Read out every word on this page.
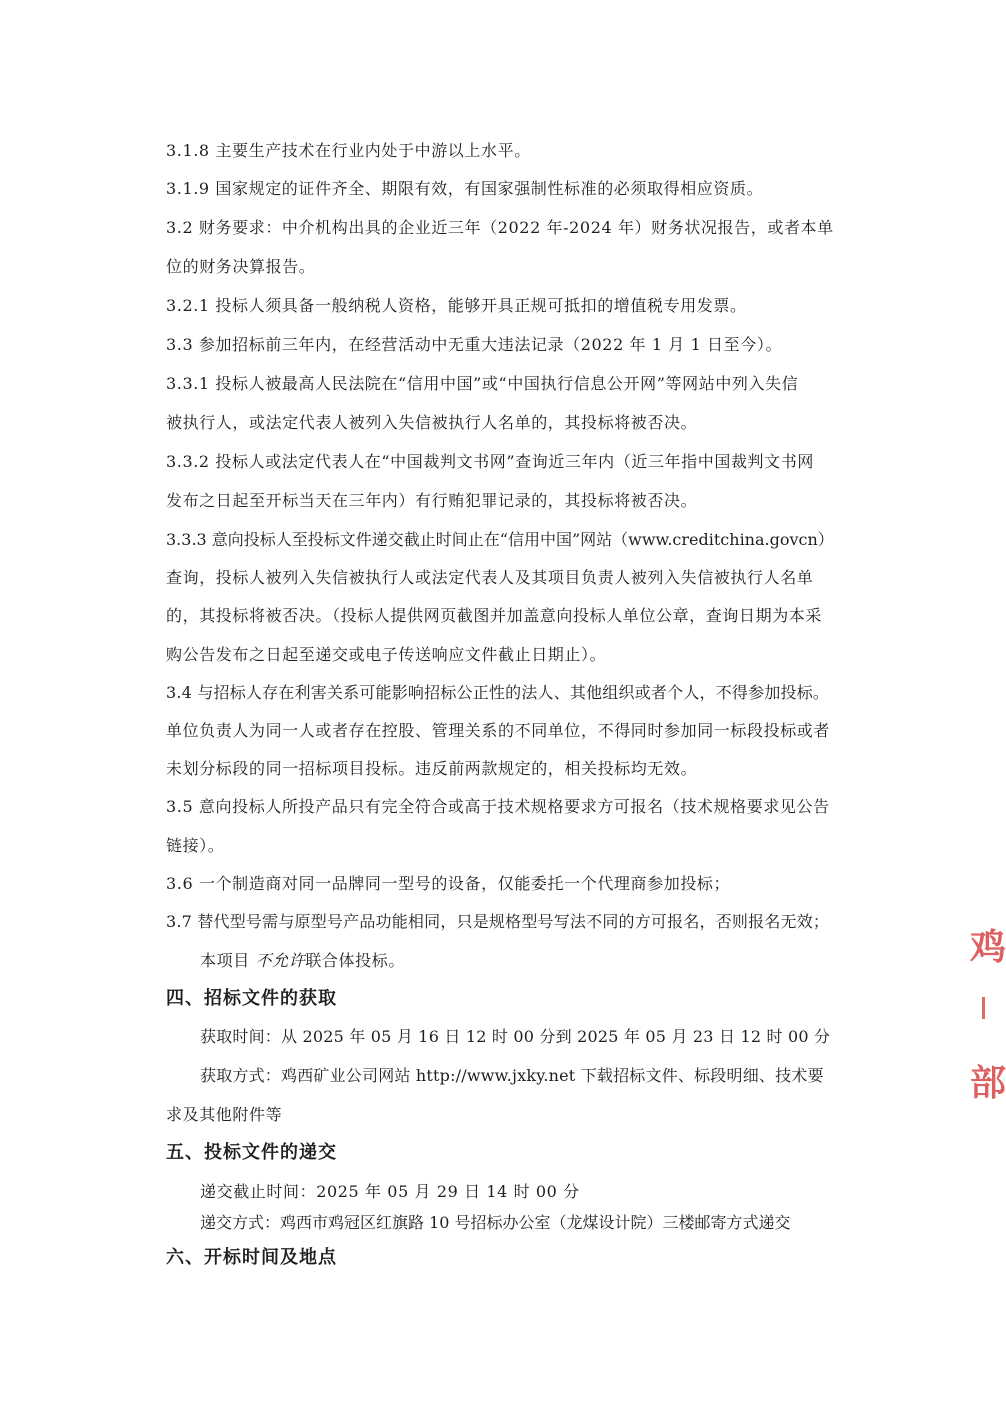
3.1.8 主要生产技术在行业内处于中游以上水平。
3.1.9 国家规定的证件齐全、期限有效，有国家强制性标准的必须取得相应资质。
3.2 财务要求：中介机构出具的企业近三年（2022 年-2024 年）财务状况报告，或者本单
位的财务决算报告。
3.2.1 投标人须具备一般纳税人资格，能够开具正规可抵扣的增值税专用发票。
3.3 参加招标前三年内，在经营活动中无重大违法记录（2022 年 1 月 1 日至今）。
3.3.1 投标人被最高人民法院在“信用中国”或“中国执行信息公开网”等网站中列入失信
被执行人，或法定代表人被列入失信被执行人名单的，其投标将被否决。
3.3.2 投标人或法定代表人在“中国裁判文书网”查询近三年内（近三年指中国裁判文书网
发布之日起至开标当天在三年内）有行贿犯罪记录的，其投标将被否决。
3.3.3 意向投标人至投标文件递交截止时间止在“信用中国”网站（www.creditchina.govcn）
查询，投标人被列入失信被执行人或法定代表人及其项目负责人被列入失信被执行人名单
的，其投标将被否决。（投标人提供网页截图并加盖意向投标人单位公章，查询日期为本采
购公告发布之日起至递交或电子传送响应文件截止日期止）。
3.4 与招标人存在利害关系可能影响招标公正性的法人、其他组织或者个人，不得参加投标。
单位负责人为同一人或者存在控股、管理关系的不同单位，不得同时参加同一标段投标或者
未划分标段的同一招标项目投标。违反前两款规定的，相关投标均无效。
3.5 意向投标人所投产品只有完全符合或高于技术规格要求方可报名（技术规格要求见公告
链接）。
3.6 一个制造商对同一品牌同一型号的设备，仅能委托一个代理商参加投标；
3.7 替代型号需与原型号产品功能相同，只是规格型号写法不同的方可报名，否则报名无效；
本项目 不允许联合体投标。
四、招标文件的获取
获取时间：从 2025 年 05 月 16 日 12 时 00 分到 2025 年 05 月 23 日 12 时 00 分
获取方式：鸡西矿业公司网站 http://www.jxky.net 下载招标文件、标段明细、技术要
求及其他附件等
五、投标文件的递交
递交截止时间：2025 年 05 月 29 日 14 时 00 分
递交方式：鸡西市鸡冠区红旗路 10 号招标办公室（龙煤设计院）三楼邮寄方式递交
六、开标时间及地点
鸡
部
